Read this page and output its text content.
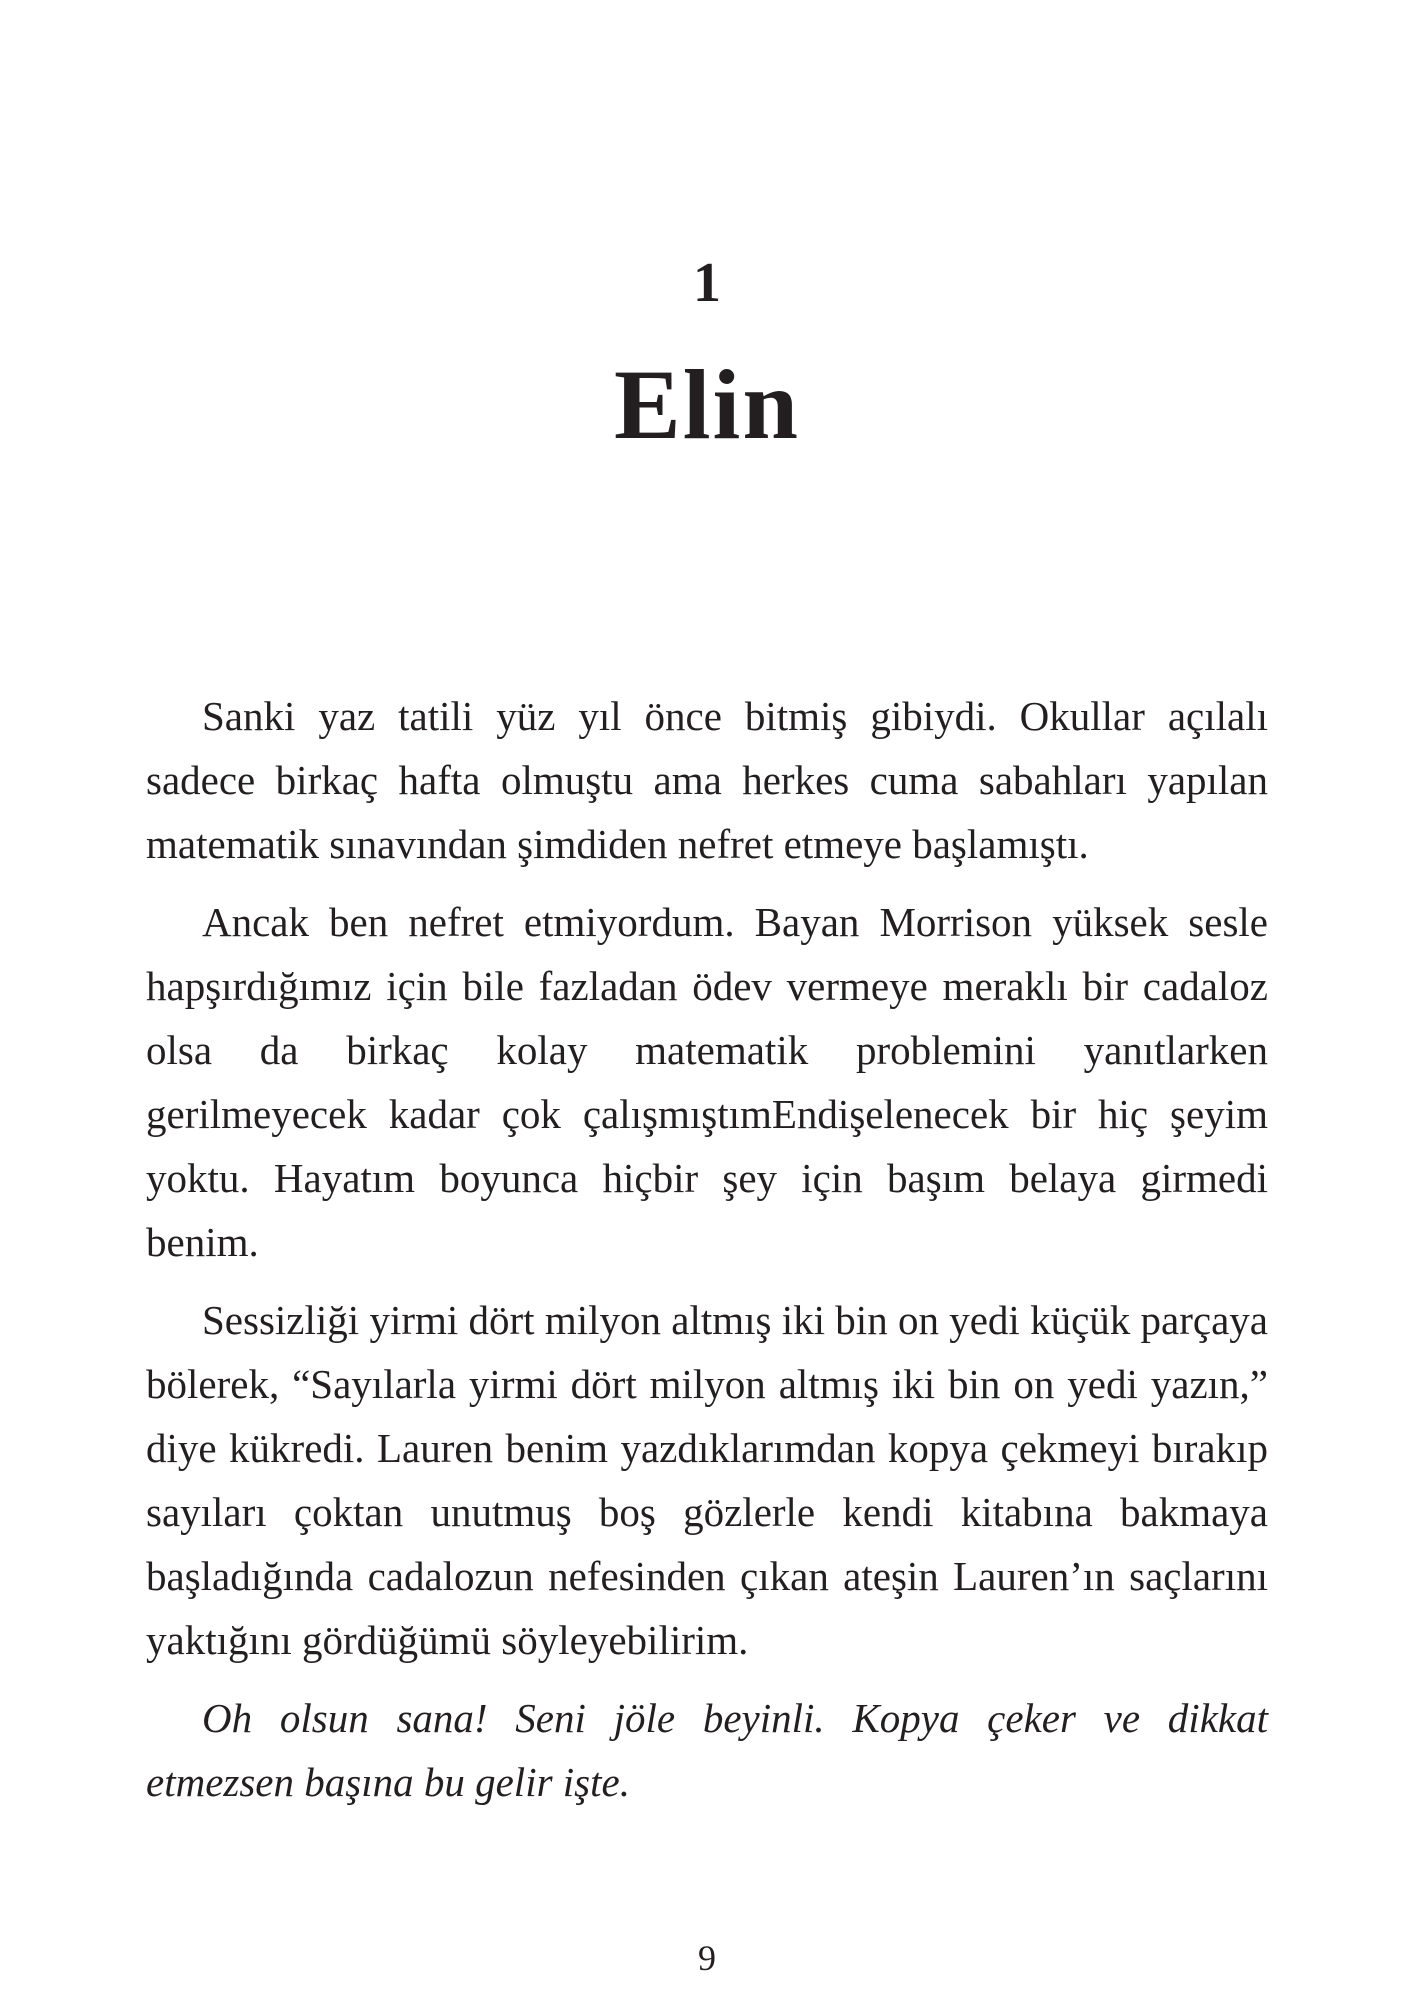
1
Elin

Sanki yaz tatili yüz yıl önce bitmiş gibiydi. Okullar açılalı sadece birkaç hafta olmuştu ama herkes cuma sabahları yapılan matematik sınavından şimdiden nefret etmeye başlamıştı.

Ancak ben nefret etmiyordum. Bayan Morrison yüksek sesle hapşırdığımız için bile fazladan ödev vermeye meraklı bir cadaloz olsa da birkaç kolay matematik problemini yanıtlarken gerilmeyecek kadar çok çalışmıştımEndişelenecek bir hiç şeyim yoktu. Hayatım boyunca hiçbir şey için başım belaya girmedi benim.

Sessizliği yirmi dört milyon altmış iki bin on yedi küçük parçaya bölerek, “Sayılarla yirmi dört milyon altmış iki bin on yedi yazın,” diye kükredi. Lauren benim yazdıklarımdan kopya çekmeyi bırakıp sayıları çoktan unutmuş boş gözlerle kendi kitabına bakmaya başladığında cadalozun nefesinden çıkan ateşin Lauren’ın saçlarını yaktığını gördüğümü söyleyebilirim.

Oh olsun sana! Seni jöle beyinli. Kopya çeker ve dikkat etmezsen başına bu gelir işte.

9
